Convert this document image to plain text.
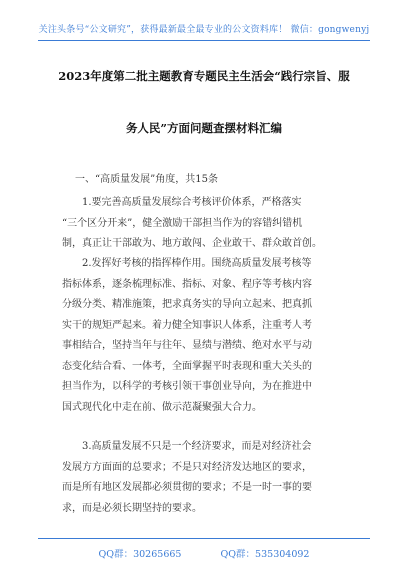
关注头条号“公文研究”，获得最新最全最专业的公文资料库！ 微信：gongwenyj
2023年度第二批主题教育专题民主生活会“践行宗旨、服
务人民”方面问题查摆材料汇编
一、“高质量发展”角度，共15条
1.要完善高质量发展综合考核评价体系，严格落实
“三个区分开来”，健全激励干部担当作为的容错纠错机
制，真正让干部敢为、地方敢闯、企业敢干、群众敢首创。
2.发挥好考核的指挥棒作用。围绕高质量发展考核等
指标体系，逐条梳理标准、指标、对象、程序等考核内容
分级分类、精准施策，把求真务实的导向立起来、把真抓
实干的规矩严起来。着力健全知事识人体系，注重考人考
事相结合，坚持当年与往年、显绩与潜绩、绝对水平与动
态变化结合看、一体考，全面掌握平时表现和重大关头的
担当作为，以科学的考核引领干事创业导向，为在推进中
国式现代化中走在前、做示范凝聚强大合力。
3.高质量发展不只是一个经济要求，而是对经济社会
发展方方面面的总要求；不是只对经济发达地区的要求，
而是所有地区发展都必须贯彻的要求；不是一时一事的要
求，而是必须长期坚持的要求。
QQ群：30265665	QQ群：535304092
